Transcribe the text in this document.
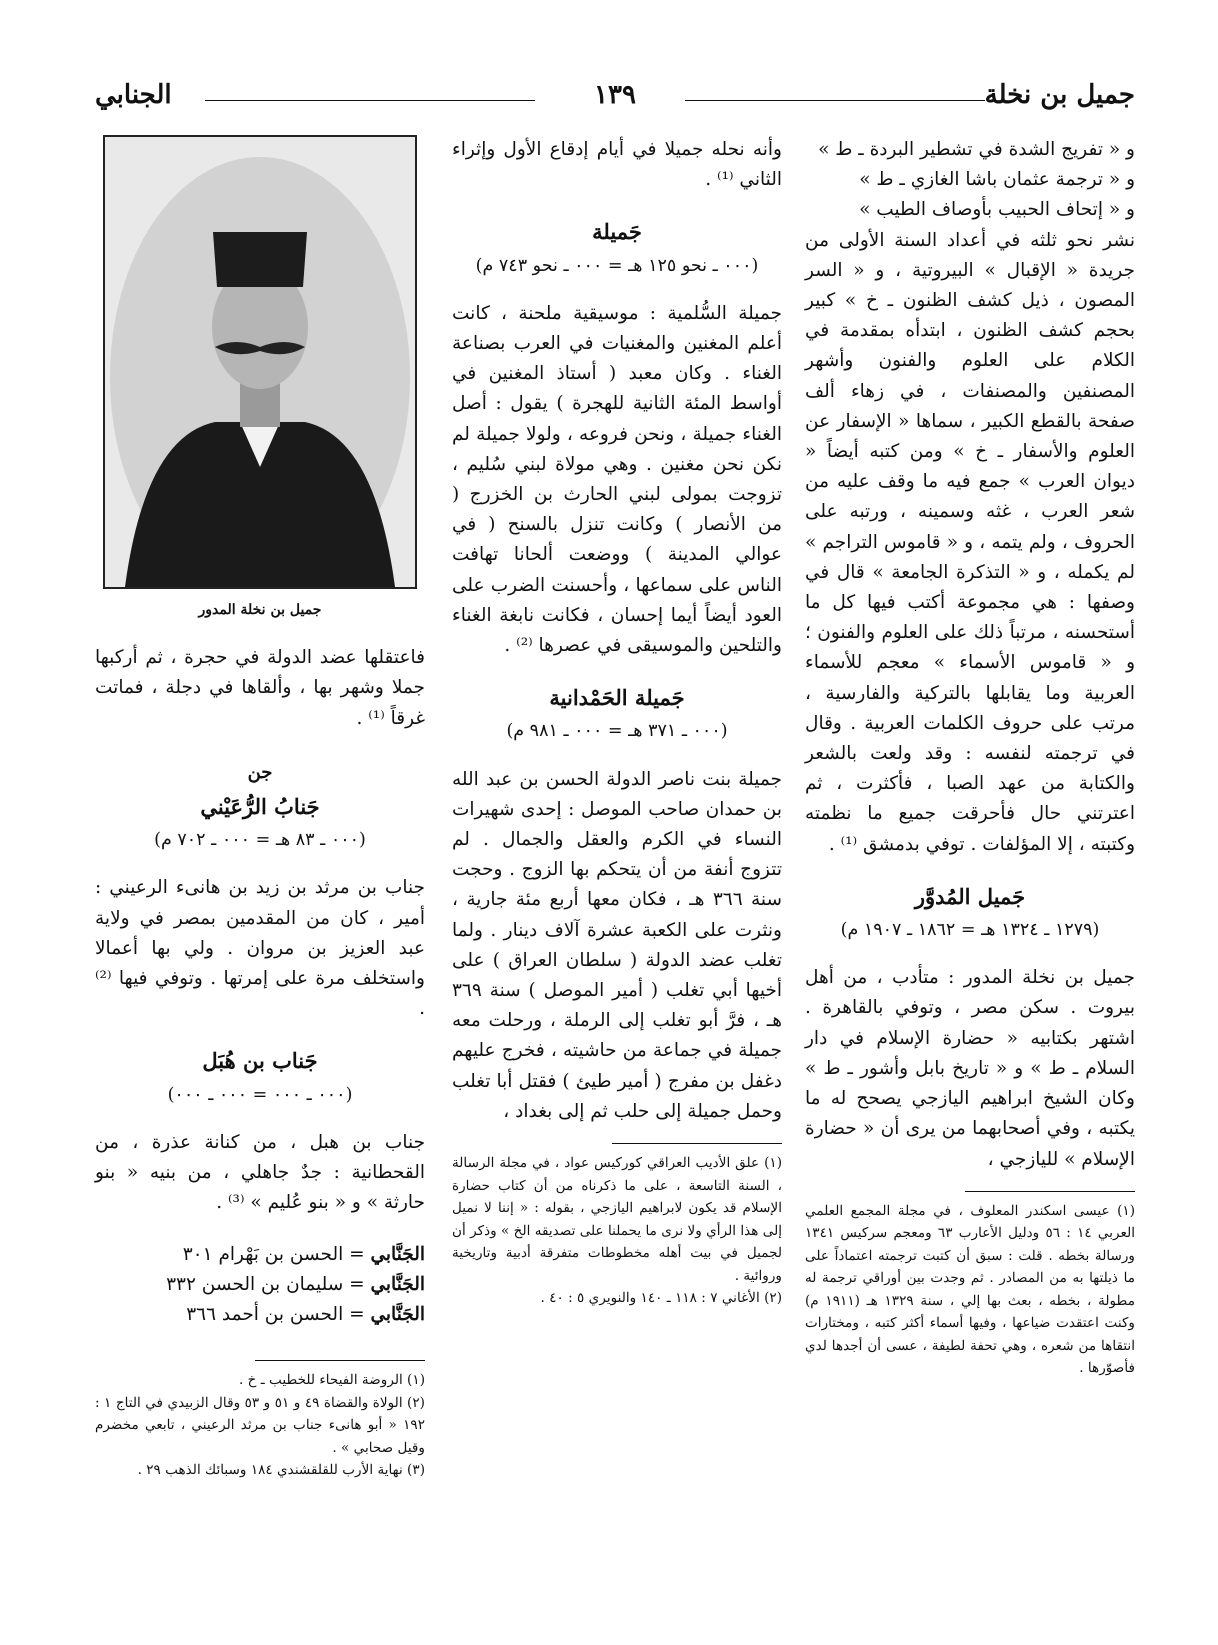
جميل بن نخلة
١٣٩
الجنابي

و « تفريج الشدة في تشطير البردة ـ ط »

و « ترجمة عثمان باشا الغازي ـ ط »

و « إتحاف الحبيب بأوصاف الطيب »

نشر نحو ثلثه في أعداد السنة الأولى من جريدة « الإقبال » البيروتية ، و « السر المصون ، ذيل كشف الظنون ـ خ » كبير بحجم كشف الظنون ، ابتدأه بمقدمة في الكلام على العلوم والفنون وأشهر المصنفين والمصنفات ، في زهاء ألف صفحة بالقطع الكبير ، سماها « الإسفار عن العلوم والأسفار ـ خ » ومن كتبه أيضاً « ديوان العرب » جمع فيه ما وقف عليه من شعر العرب ، غثه وسمينه ، ورتبه على الحروف ، ولم يتمه ، و « قاموس التراجم » لم يكمله ، و « التذكرة الجامعة » قال في وصفها : هي مجموعة أكتب فيها كل ما أستحسنه ، مرتباً ذلك على العلوم والفنون ؛ و « قاموس الأسماء » معجم للأسماء العربية وما يقابلها بالتركية والفارسية ، مرتب على حروف الكلمات العربية . وقال في ترجمته لنفسه : وقد ولعت بالشعر والكتابة من عهد الصبا ، فأكثرت ، ثم اعترتني حال فأحرقت جميع ما نظمته وكتبته ، إلا المؤلفات . توفي بدمشق ⁽¹⁾ .

جَميل المُدوَّر
(١٢٧٩ ـ ١٣٢٤ هـ = ١٨٦٢ ـ ١٩٠٧ م)

جميل بن نخلة المدور : متأدب ، من أهل بيروت . سكن مصر ، وتوفي بالقاهرة . اشتهر بكتابيه « حضارة الإسلام في دار السلام ـ ط » و « تاريخ بابل وأشور ـ ط » وكان الشيخ ابراهيم اليازجي يصحح له ما يكتبه ، وفي أصحابهما من يرى أن « حضارة الإسلام » لليازجي ،

(١) عيسى اسكندر المعلوف ، في مجلة المجمع العلمي العربي ١٤ : ٥٦ ودليل الأعارب ٦٣ ومعجم سركيس ١٣٤١ ورسالة بخطه . قلت : سبق أن كتبت ترجمته اعتماداً على ما ذيلتها به من المصادر . ثم وجدت بين أوراقي ترجمة له مطولة ، بخطه ، بعث بها إلي ، سنة ١٣٢٩ هـ (١٩١١ م) وكنت اعتقدت ضياعها ، وفيها أسماء أكثر كتبه ، ومختارات انتقاها من شعره ، وهي تحفة لطيفة ، عسى أن أجدها لدي فأصوّرها .

وأنه نحله جميلا في أيام إدقاع الأول وإثراء الثاني ⁽¹⁾ .

جَميلة
(٠٠٠ ـ نحو ١٢٥ هـ = ٠٠٠ ـ نحو ٧٤٣ م)

جميلة السُّلمية : موسيقية ملحنة ، كانت أعلم المغنين والمغنيات في العرب بصناعة الغناء . وكان معبد ( أستاذ المغنين في أواسط المئة الثانية للهجرة ) يقول : أصل الغناء جميلة ، ونحن فروعه ، ولولا جميلة لم نكن نحن مغنين . وهي مولاة لبني سُليم ، تزوجت بمولى لبني الحارث بن الخزرج ( من الأنصار ) وكانت تنزل بالسنح ( في عوالي المدينة ) ووضعت ألحانا تهافت الناس على سماعها ، وأحسنت الضرب على العود أيضاً أيما إحسان ، فكانت نابغة الغناء والتلحين والموسيقى في عصرها ⁽²⁾ .

جَميلة الحَمْدانية
(٠٠٠ ـ ٣٧١ هـ = ٠٠٠ ـ ٩٨١ م)

جميلة بنت ناصر الدولة الحسن بن عبد الله بن حمدان صاحب الموصل : إحدى شهيرات النساء في الكرم والعقل والجمال . لم تتزوج أنفة من أن يتحكم بها الزوج . وحجت سنة ٣٦٦ هـ ، فكان معها أربع مئة جارية ، ونثرت على الكعبة عشرة آلاف دينار . ولما تغلب عضد الدولة ( سلطان العراق ) على أخيها أبي تغلب ( أمير الموصل ) سنة ٣٦٩ هـ ، فرَّ أبو تغلب إلى الرملة ، ورحلت معه جميلة في جماعة من حاشيته ، فخرج عليهم دغفل بن مفرج ( أمير طيئ ) فقتل أبا تغلب وحمل جميلة إلى حلب ثم إلى بغداد ،

(١) علق الأديب العراقي كوركيس عواد ، في مجلة الرسالة ، السنة التاسعة ، على ما ذكرناه من أن كتاب حضارة الإسلام قد يكون لابراهيم اليازجي ، بقوله : « إننا لا نميل إلى هذا الرأي ولا نرى ما يحملنا على تصديقه الخ » وذكر أن لجميل في بيت أهله مخطوطات متفرقة أدبية وتاريخية وروائية .

(٢) الأغاني ٧ : ١١٨ ـ ١٤٠ والنويري ٥ : ٤٠ .

جميل بن نخلة المدور

فاعتقلها عضد الدولة في حجرة ، ثم أركبها جملا وشهر بها ، وألقاها في دجلة ، فماتت غرقاً ⁽¹⁾ .

جن
جَنابُ الرُّعَيْني
(٠٠٠ ـ ٨٣ هـ = ٠٠٠ ـ ٧٠٢ م)

جناب بن مرثد بن زيد بن هانىء الرعيني : أمير ، كان من المقدمين بمصر في ولاية عبد العزيز بن مروان . ولي بها أعمالا واستخلف مرة على إمرتها . وتوفي فيها ⁽²⁾ .

جَناب بن هُبَل
(٠٠٠ ـ ٠٠٠ = ٠٠٠ ـ ٠٠٠)

جناب بن هبل ، من كنانة عذرة ، من القحطانية : جدٌ جاهلي ، من بنيه « بنو حارثة » و « بنو عُليم » ⁽³⁾ .

الجَنَّابي = الحسن بن بَهْرام ٣٠١
الجَنَّابي = سليمان بن الحسن ٣٣٢
الجَنَّابي = الحسن بن أحمد ٣٦٦

(١) الروضة الفيحاء للخطيب ـ خ .

(٢) الولاة والقضاة ٤٩ و ٥١ و ٥٣ وقال الزبيدي في التاج ١ : ١٩٢ « أبو هانىء جناب بن مرثد الرعيني ، تابعي مخضرم وقيل صحابي » .

(٣) نهاية الأرب للقلقشندي ١٨٤ وسبائك الذهب ٢٩ .
